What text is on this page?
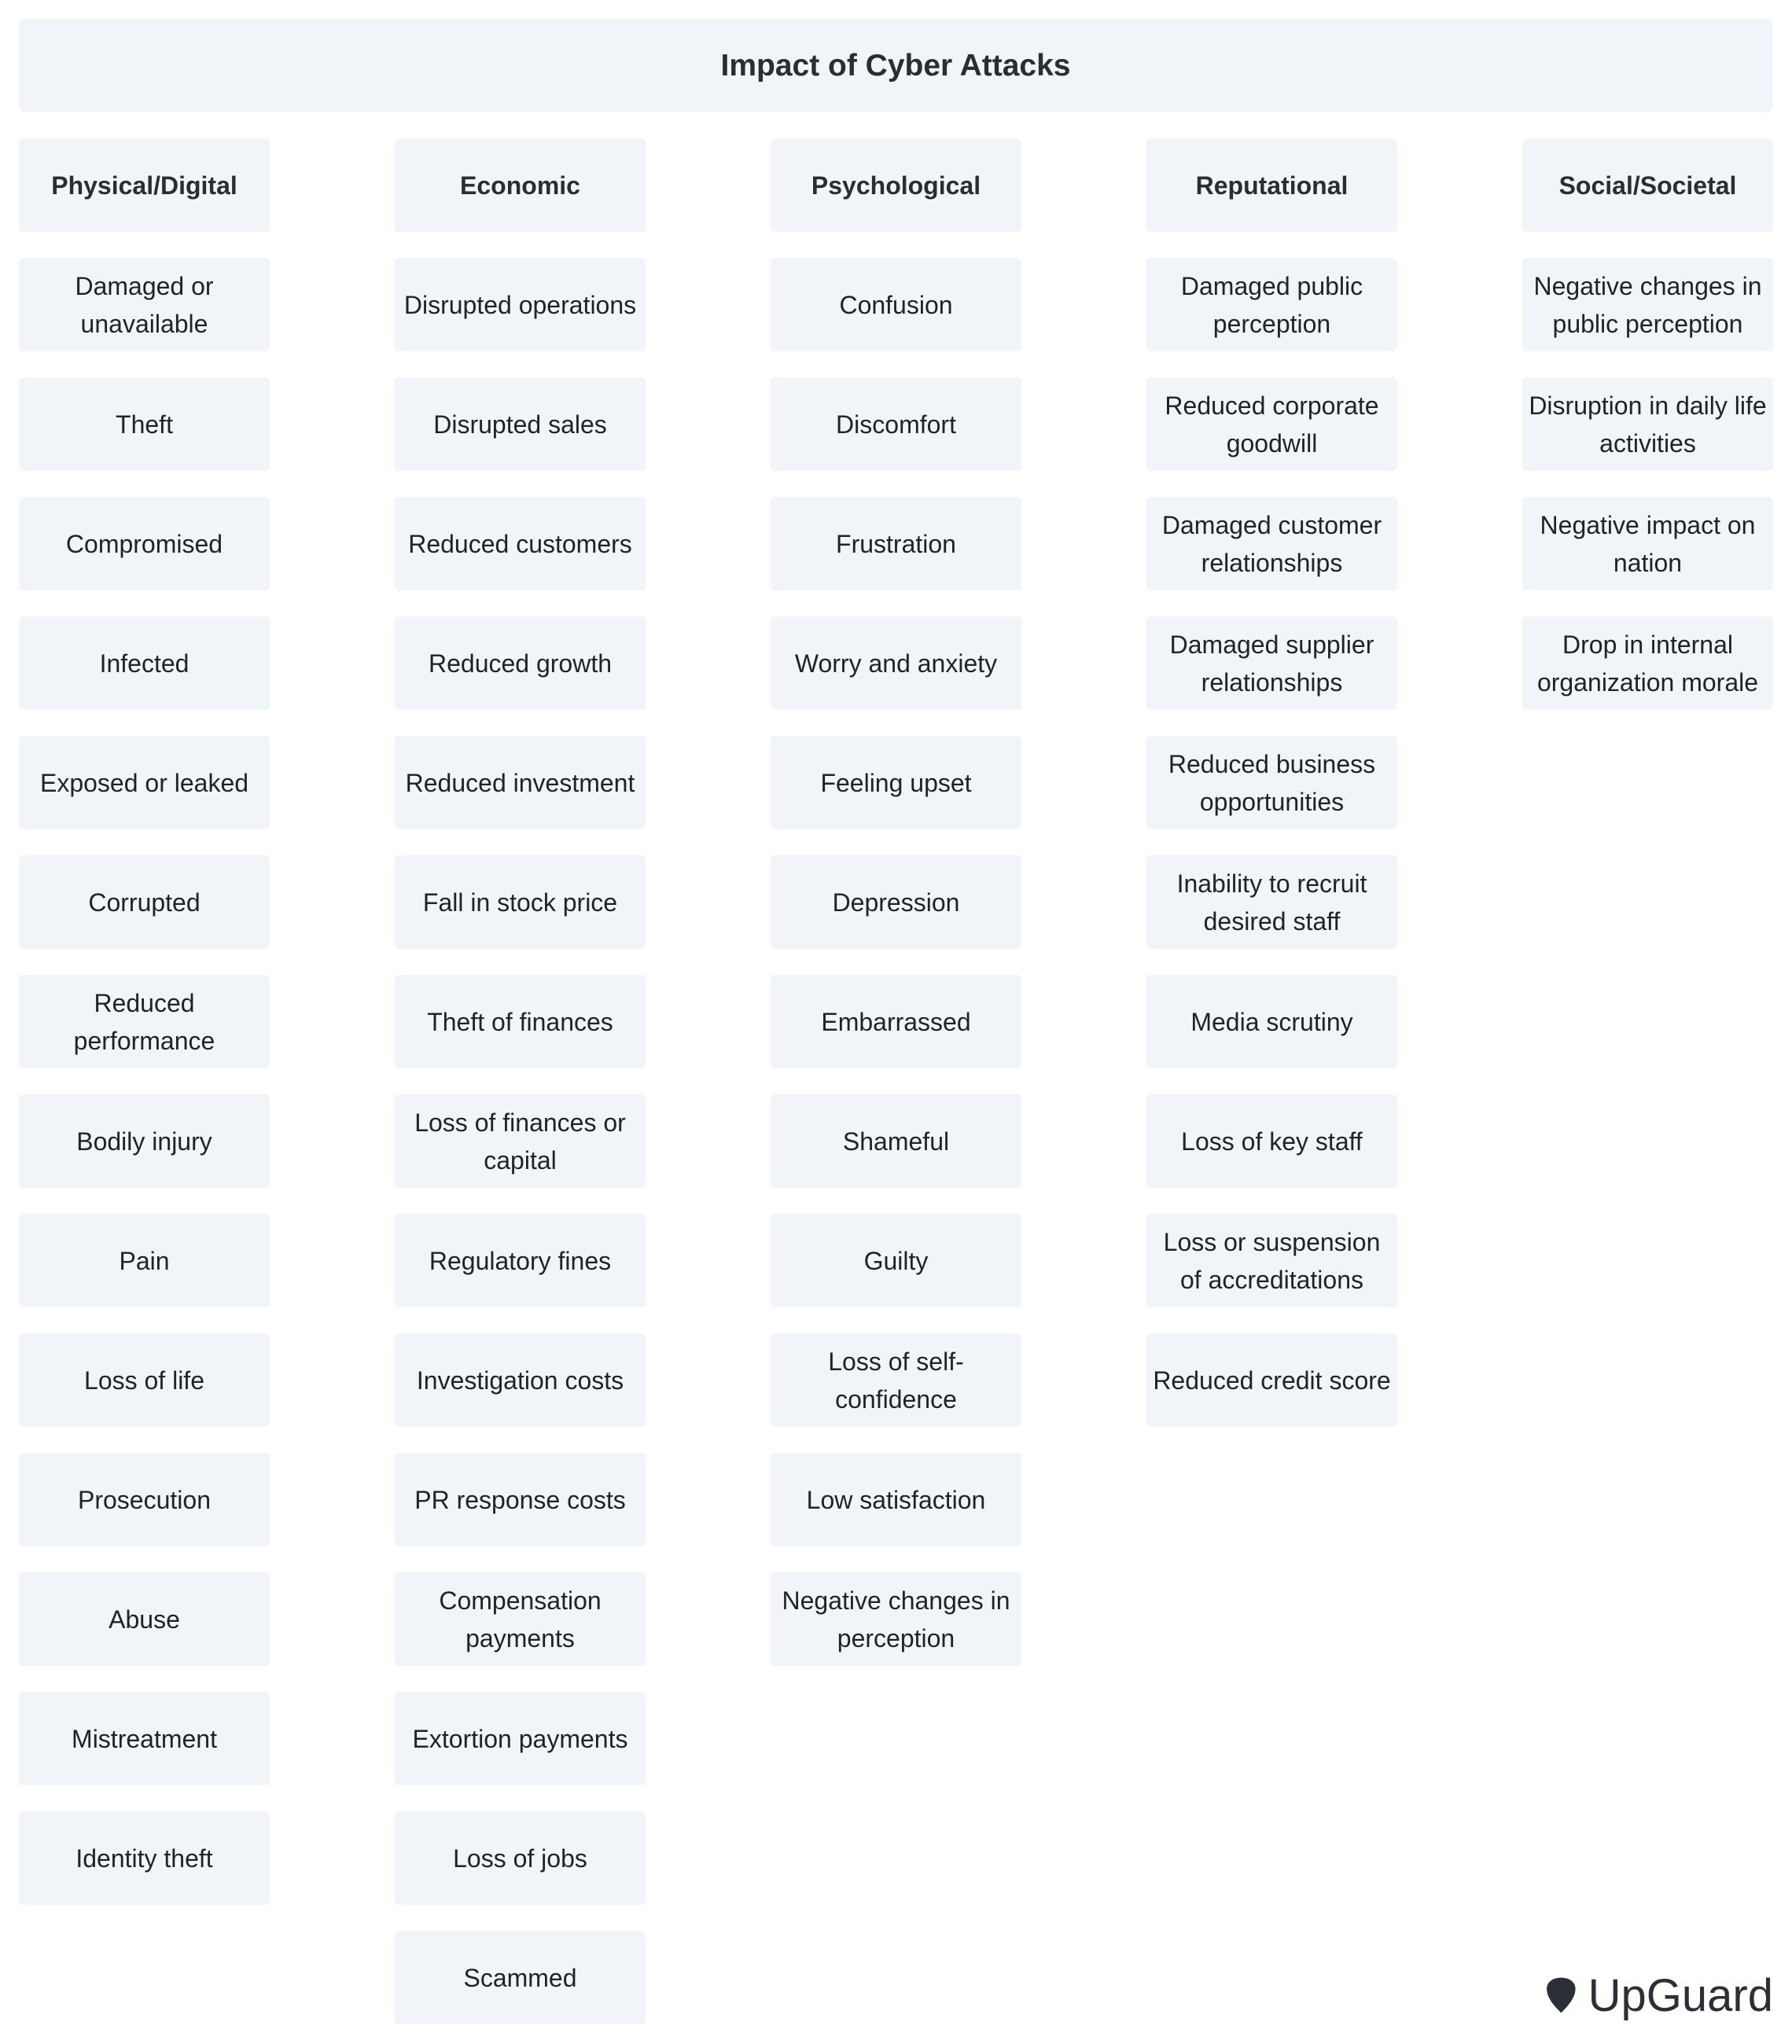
Impact of Cyber Attacks
Physical/Digital
Damaged or unavailable
Theft
Compromised
Infected
Exposed or leaked
Corrupted
Reduced performance
Bodily injury
Pain
Loss of life
Prosecution
Abuse
Mistreatment
Identity theft
Economic
Disrupted operations
Disrupted sales
Reduced customers
Reduced growth
Reduced investment
Fall in stock price
Theft of finances
Loss of finances or capital
Regulatory fines
Investigation costs
PR response costs
Compensation payments
Extortion payments
Loss of jobs
Scammed
Psychological
Confusion
Discomfort
Frustration
Worry and anxiety
Feeling upset
Depression
Embarrassed
Shameful
Guilty
Loss of self-confidence
Low satisfaction
Negative changes in perception
Reputational
Damaged public perception
Reduced corporate goodwill
Damaged customer relationships
Damaged supplier relationships
Reduced business opportunities
Inability to recruit desired staff
Media scrutiny
Loss of key staff
Loss or suspension of accreditations
Reduced credit score
Social/Societal
Negative changes in public perception
Disruption in daily life activities
Negative impact on nation
Drop in internal organization morale
UpGuard
